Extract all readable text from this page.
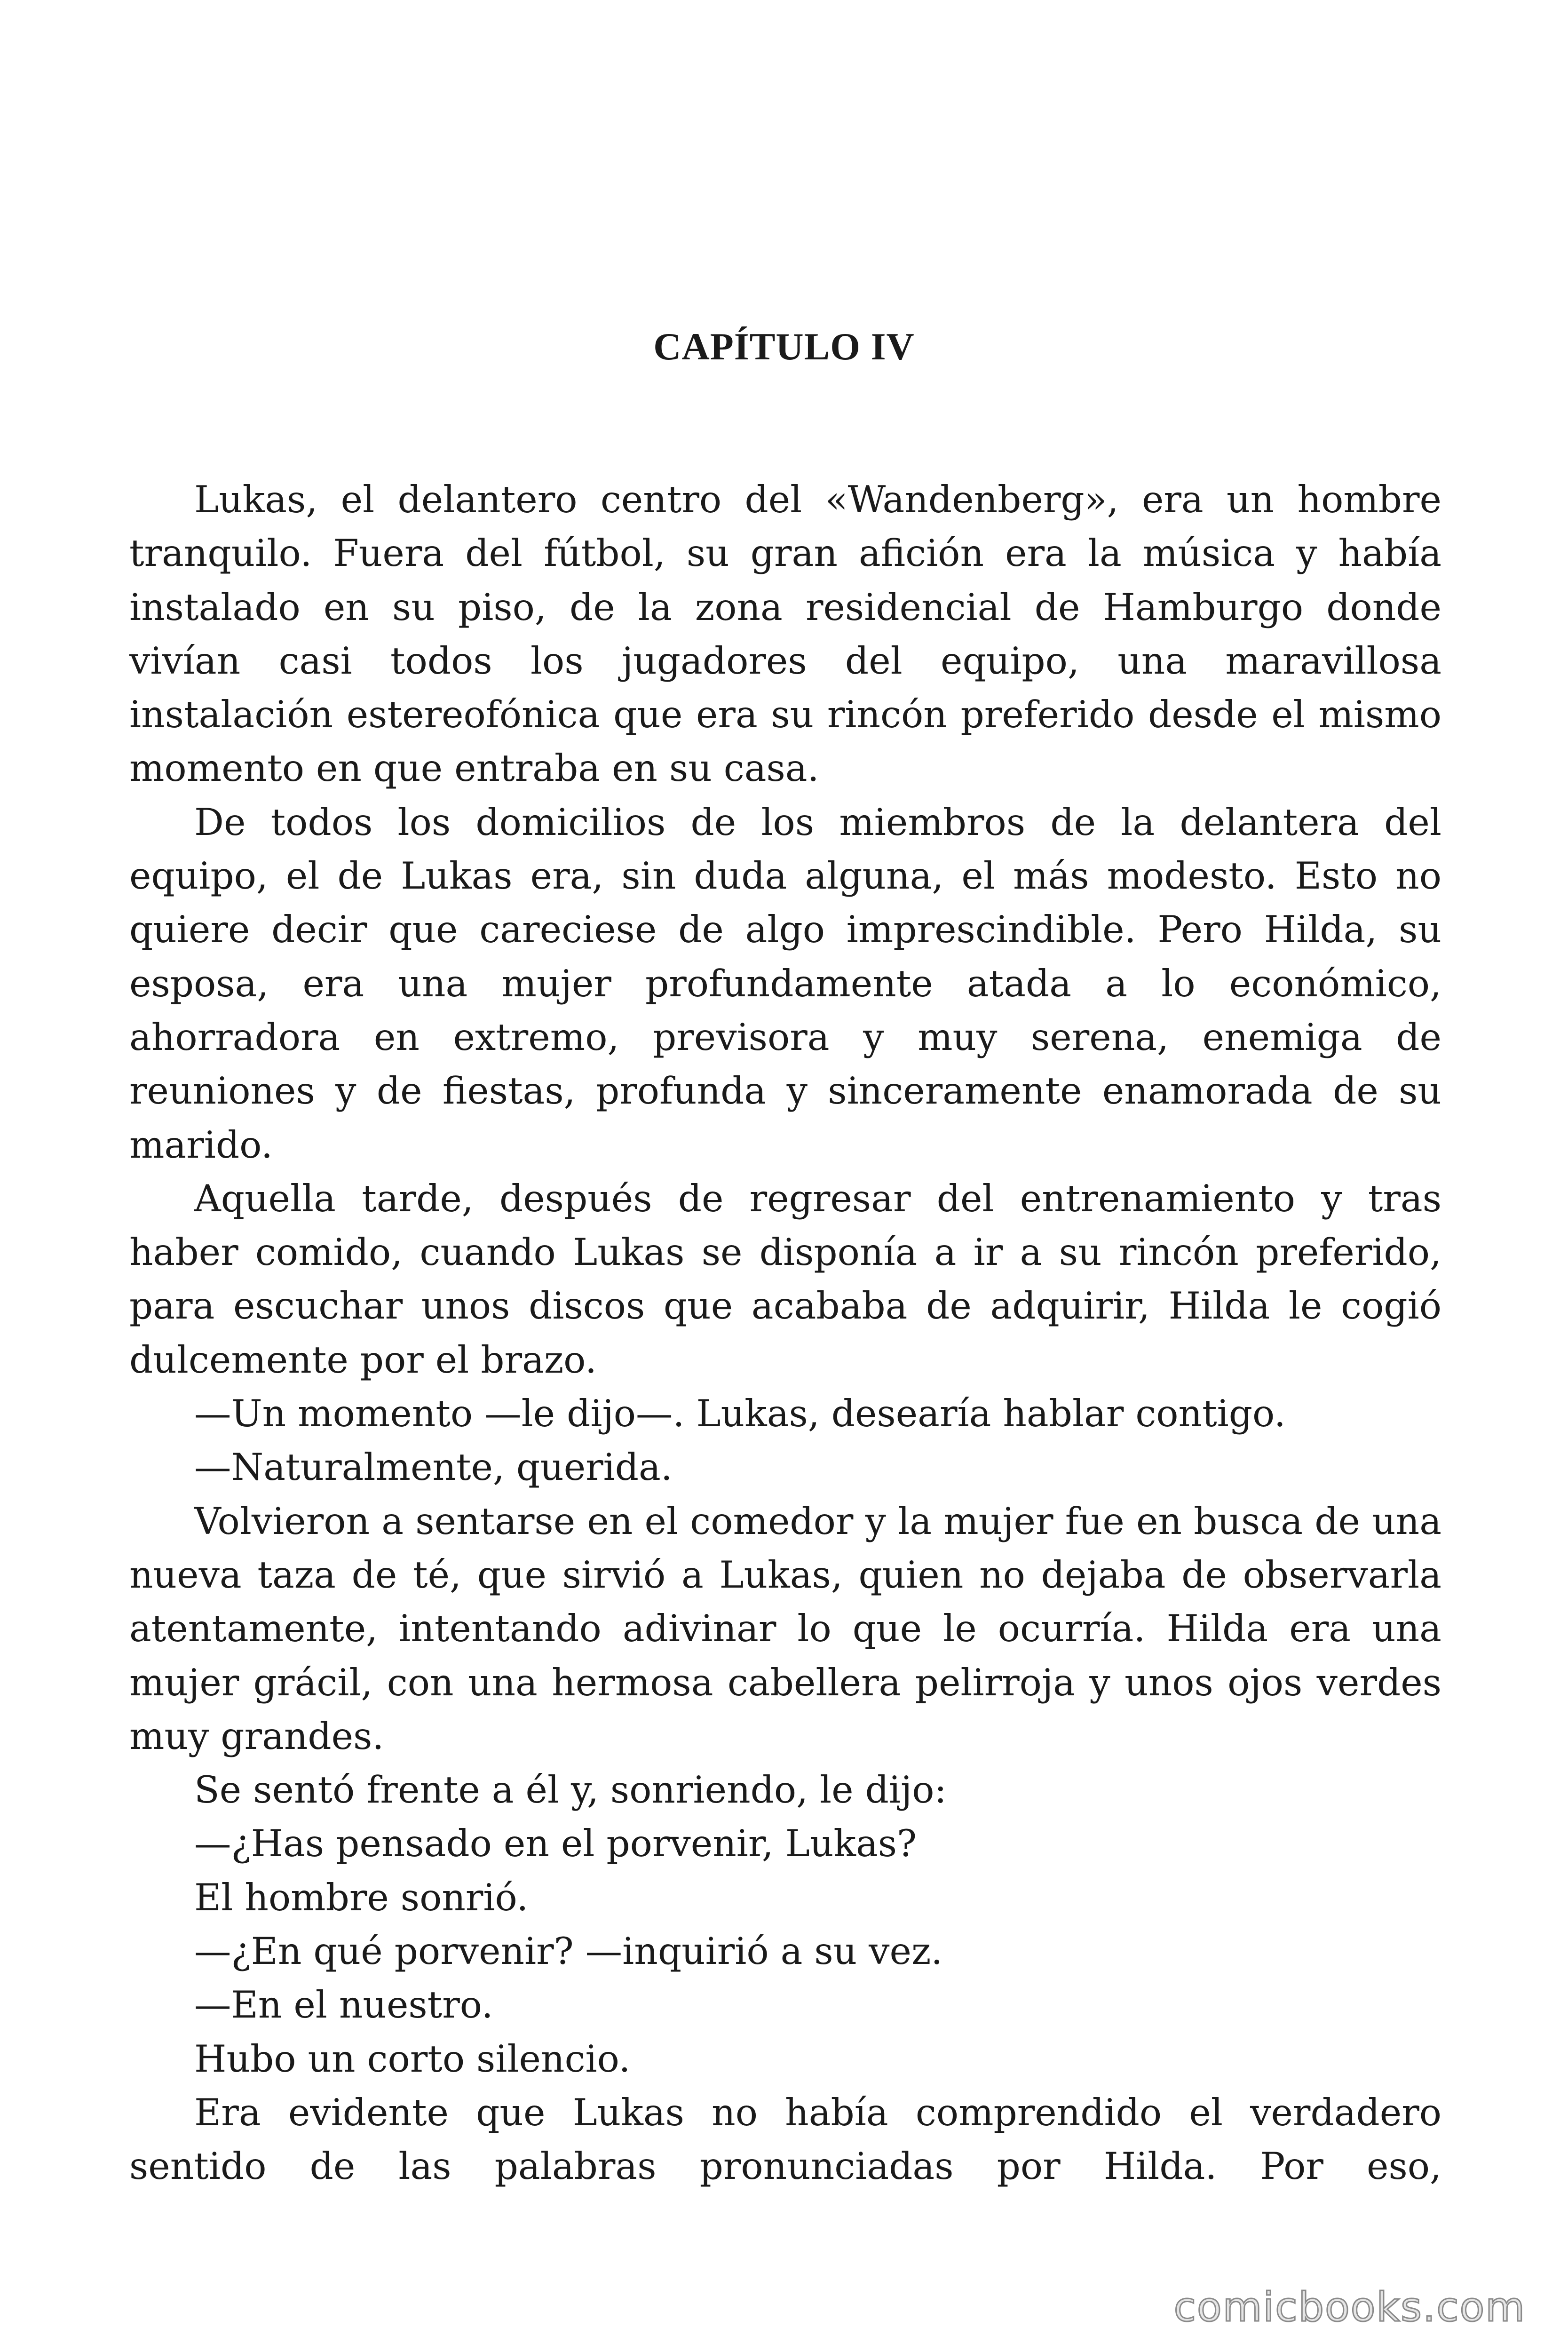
CAPÍTULO IV

Lukas, el delantero centro del «Wandenberg», era un hombre tranquilo. Fuera del fútbol, su gran afición era la música y había instalado en su piso, de la zona residencial de Hamburgo donde vivían casi todos los jugadores del equipo, una maravillosa instalación estereofónica que era su rincón preferido desde el mismo momento en que entraba en su casa.

De todos los domicilios de los miembros de la delantera del equipo, el de Lukas era, sin duda alguna, el más modesto. Esto no quiere decir que careciese de algo imprescindible. Pero Hilda, su esposa, era una mujer profundamente atada a lo económico, ahorradora en extremo, previsora y muy serena, enemiga de reuniones y de fiestas, profunda y sinceramente enamorada de su marido.

Aquella tarde, después de regresar del entrenamiento y tras haber comido, cuando Lukas se disponía a ir a su rincón preferido, para escuchar unos discos que acababa de adquirir, Hilda le cogió dulcemente por el brazo.

—Un momento —le dijo—. Lukas, desearía hablar contigo.

—Naturalmente, querida.

Volvieron a sentarse en el comedor y la mujer fue en busca de una nueva taza de té, que sirvió a Lukas, quien no dejaba de observarla atentamente, intentando adivinar lo que le ocurría. Hilda era una mujer grácil, con una hermosa cabellera pelirroja y unos ojos verdes muy grandes.

Se sentó frente a él y, sonriendo, le dijo:

—¿Has pensado en el porvenir, Lukas?

El hombre sonrió.

—¿En qué porvenir? —inquirió a su vez.

—En el nuestro.

Hubo un corto silencio.

Era evidente que Lukas no había comprendido el verdadero sentido de las palabras pronunciadas por Hilda. Por eso,

comicbooks.com
